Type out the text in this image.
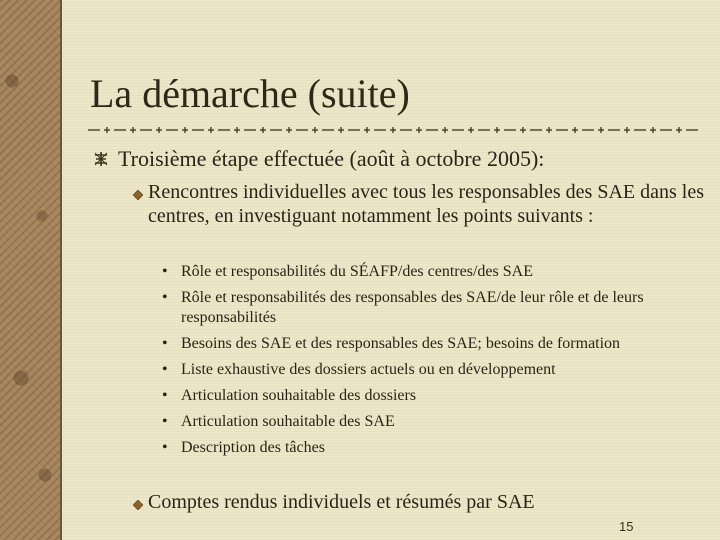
La démarche (suite)
Troisième étape effectuée (août à octobre 2005):
Rencontres individuelles avec tous les responsables des SAE dans les centres, en investiguant notamment les points suivants :
• Rôle et responsabilités du SÉAFP/des centres/des SAE
• Rôle et responsabilités des responsables des SAE/de leur rôle et de leurs responsabilités
• Besoins des SAE et des responsables des SAE; besoins de formation
• Liste exhaustive des dossiers actuels ou en développement
• Articulation souhaitable des dossiers
• Articulation souhaitable des SAE
• Description des tâches
Comptes rendus individuels et résumés par SAE
15
